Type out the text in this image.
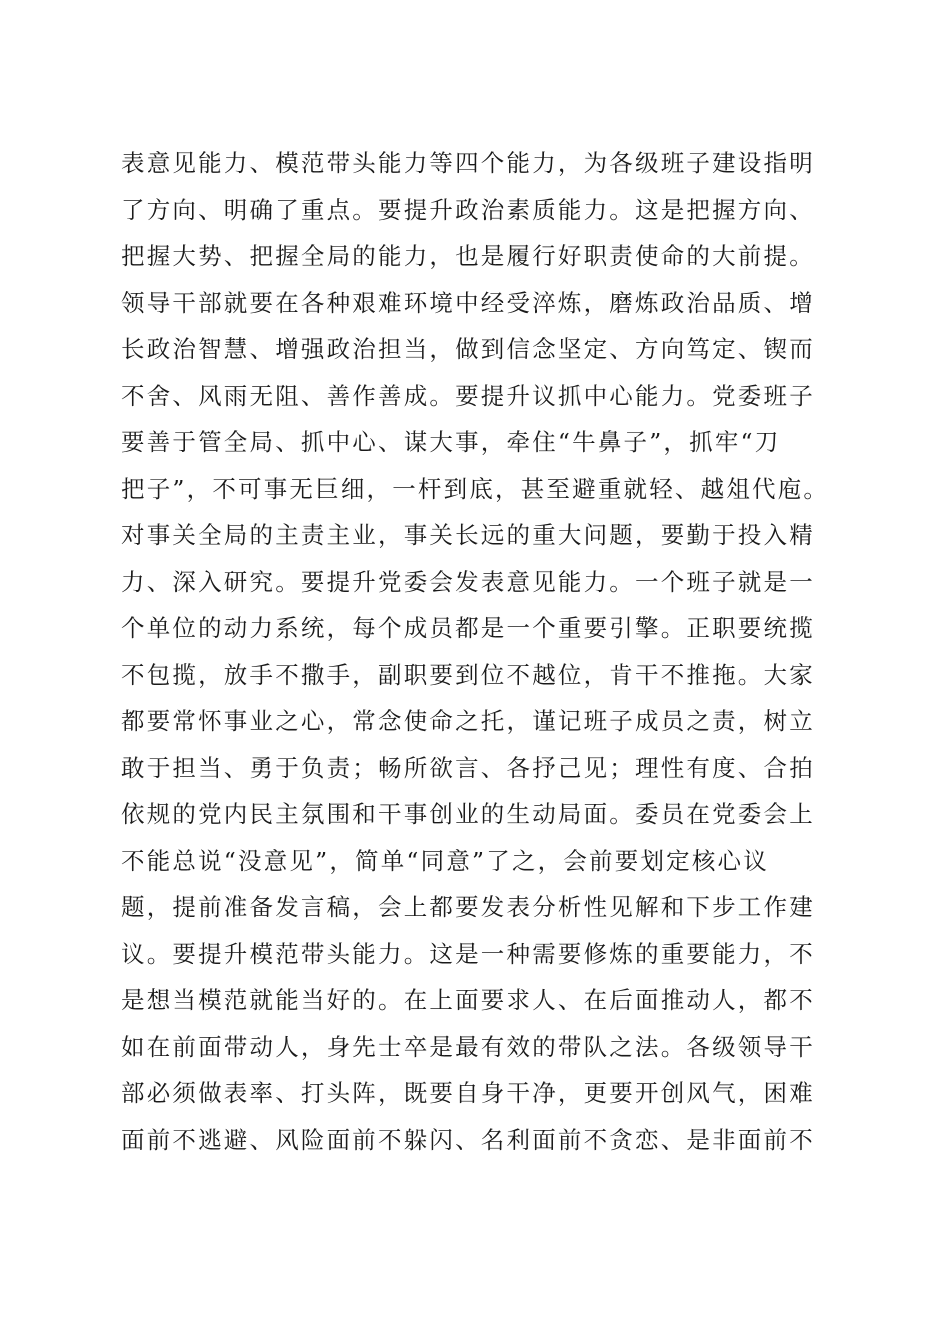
表意见能力、模范带头能力等四个能力，为各级班子建设指明
了方向、明确了重点。要提升政治素质能力。这是把握方向、
把握大势、把握全局的能力，也是履行好职责使命的大前提。
领导干部就要在各种艰难环境中经受淬炼，磨炼政治品质、增
长政治智慧、增强政治担当，做到信念坚定、方向笃定、锲而
不舍、风雨无阻、善作善成。要提升议抓中心能力。党委班子
要善于管全局、抓中心、谋大事，牵住“牛鼻子”，抓牢“刀
把子”，不可事无巨细，一杆到底，甚至避重就轻、越俎代庖。
对事关全局的主责主业，事关长远的重大问题，要勤于投入精
力、深入研究。要提升党委会发表意见能力。一个班子就是一
个单位的动力系统，每个成员都是一个重要引擎。正职要统揽
不包揽，放手不撒手，副职要到位不越位，肯干不推拖。大家
都要常怀事业之心，常念使命之托，谨记班子成员之责，树立
敢于担当、勇于负责；畅所欲言、各抒己见；理性有度、合拍
依规的党内民主氛围和干事创业的生动局面。委员在党委会上
不能总说“没意见”，简单“同意”了之，会前要划定核心议
题，提前准备发言稿，会上都要发表分析性见解和下步工作建
议。要提升模范带头能力。这是一种需要修炼的重要能力，不
是想当模范就能当好的。在上面要求人、在后面推动人，都不
如在前面带动人，身先士卒是最有效的带队之法。各级领导干
部必须做表率、打头阵，既要自身干净，更要开创风气，困难
面前不逃避、风险面前不躲闪、名利面前不贪恋、是非面前不
